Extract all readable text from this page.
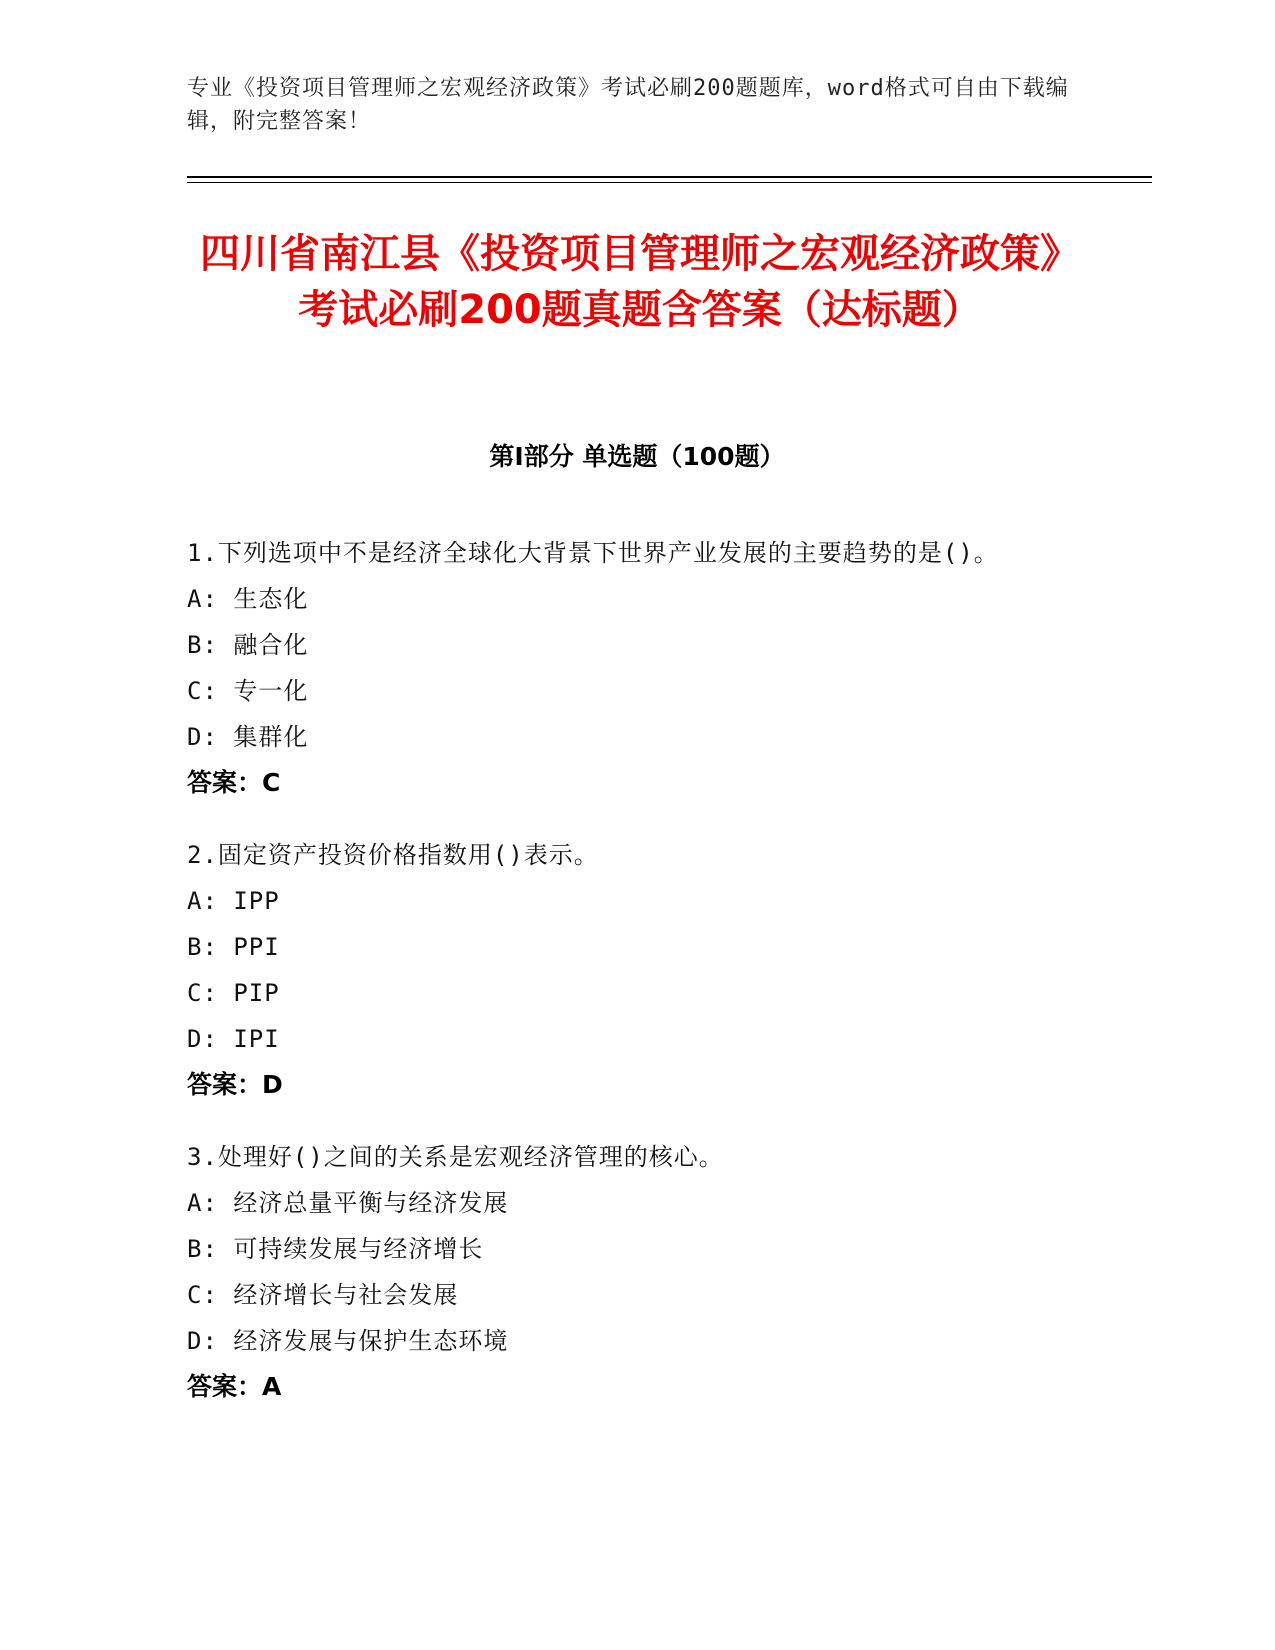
专业《投资项目管理师之宏观经济政策》考试必刷200题题库，word格式可自由下载编辑，附完整答案！
四川省南江县《投资项目管理师之宏观经济政策》考试必刷200题真题含答案（达标题）
第Ⅰ部分 单选题（100题）

1.下列选项中不是经济全球化大背景下世界产业发展的主要趋势的是()。

A: 生态化

B: 融合化

C: 专一化

D: 集群化

答案：C

2.固定资产投资价格指数用()表示。

A: IPP

B: PPI

C: PIP

D: IPI

答案：D

3.处理好()之间的关系是宏观经济管理的核心。

A: 经济总量平衡与经济发展

B: 可持续发展与经济增长

C: 经济增长与社会发展

D: 经济发展与保护生态环境

答案：A
